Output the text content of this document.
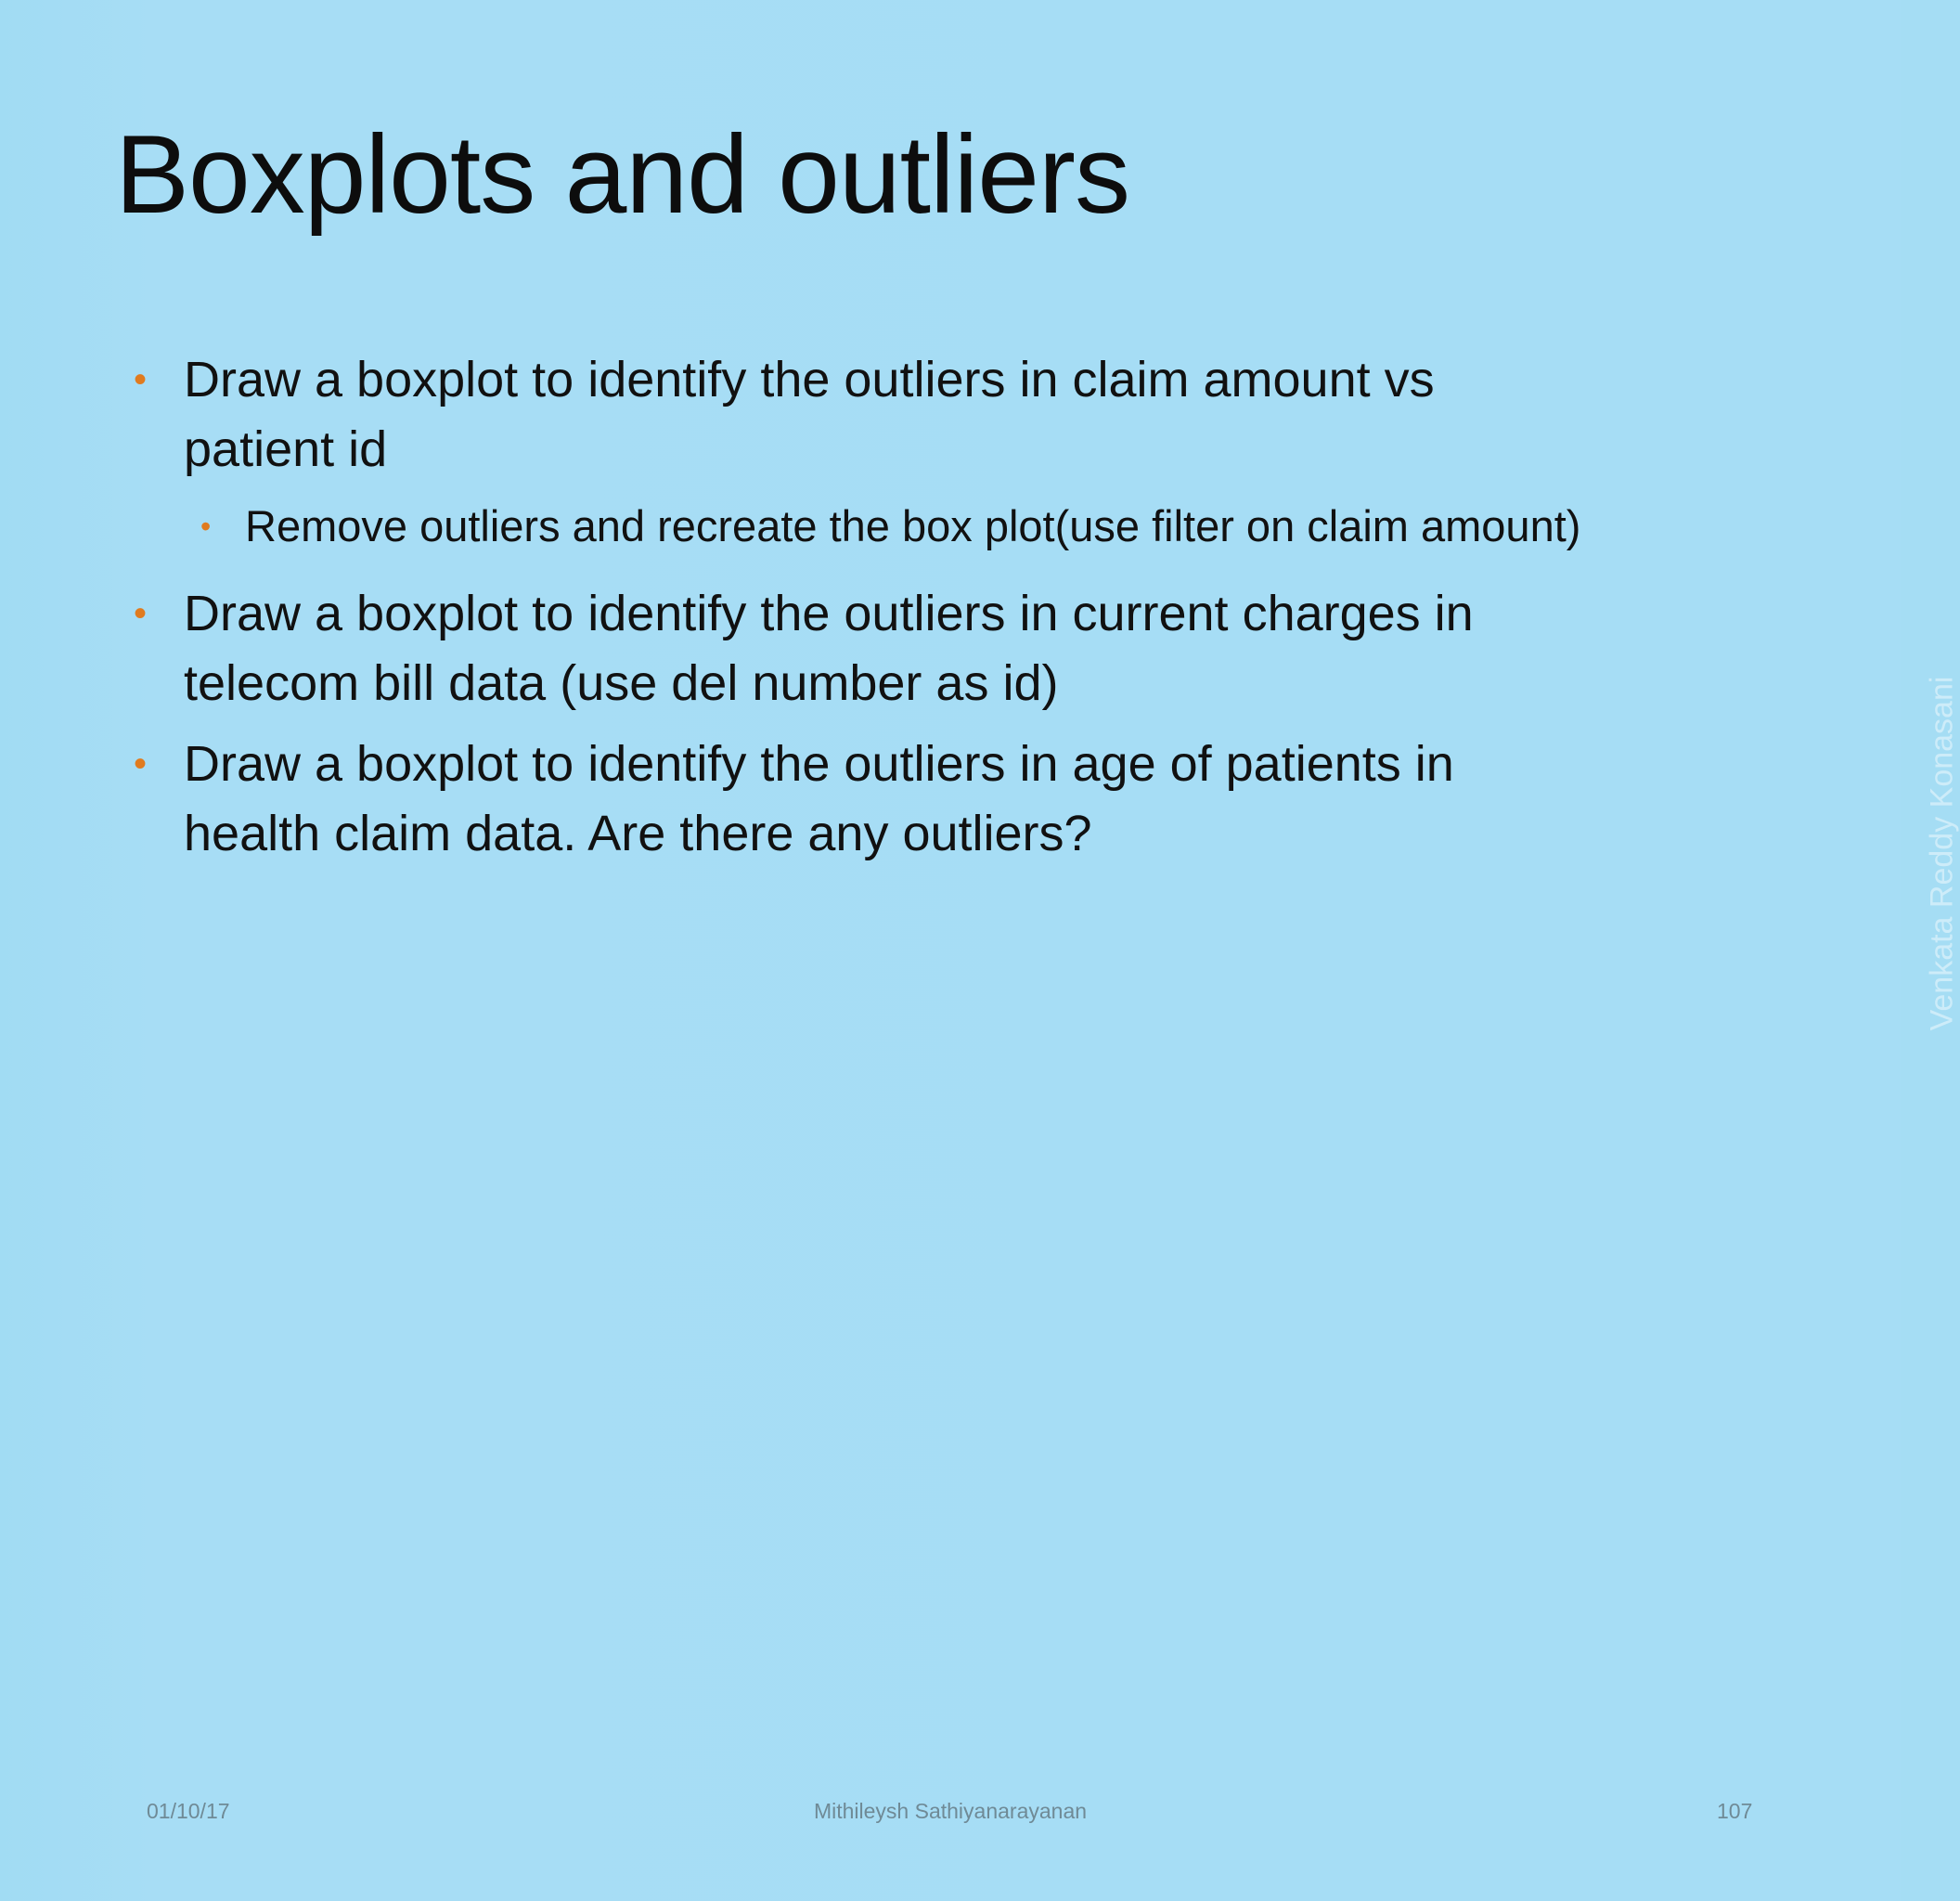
Boxplots and outliers
• Draw a boxplot to identify the outliers in claim amount vs patient id
• Remove outliers and recreate the box plot(use filter on claim amount)
• Draw a boxplot to identify the outliers in current charges in telecom bill data (use del number as id)
• Draw a boxplot to identify the outliers in age of patients in health claim data. Are there any outliers?	Venkata Reddy Konasani
01/10/17	Mithileysh Sathiyanarayanan	107
